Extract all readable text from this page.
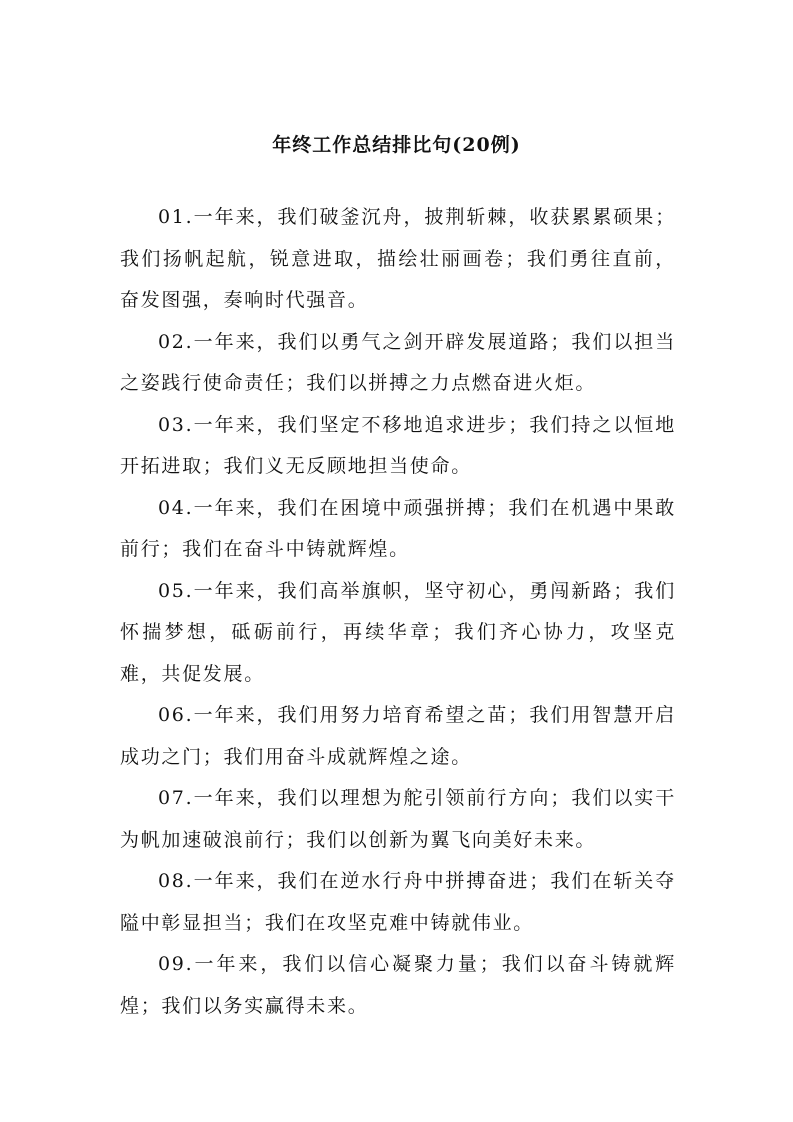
年终工作总结排比句(20例)

01.一年来，我们破釜沉舟，披荆斩棘，收获累累硕果；我们扬帆起航，锐意进取，描绘壮丽画卷；我们勇往直前，奋发图强，奏响时代强音。

02.一年来，我们以勇气之剑开辟发展道路；我们以担当之姿践行使命责任；我们以拼搏之力点燃奋进火炬。

03.一年来，我们坚定不移地追求进步；我们持之以恒地开拓进取；我们义无反顾地担当使命。

04.一年来，我们在困境中顽强拼搏；我们在机遇中果敢前行；我们在奋斗中铸就辉煌。

05.一年来，我们高举旗帜，坚守初心，勇闯新路；我们怀揣梦想，砥砺前行，再续华章；我们齐心协力，攻坚克难，共促发展。

06.一年来，我们用努力培育希望之苗；我们用智慧开启成功之门；我们用奋斗成就辉煌之途。

07.一年来，我们以理想为舵引领前行方向；我们以实干为帆加速破浪前行；我们以创新为翼飞向美好未来。

08.一年来，我们在逆水行舟中拼搏奋进；我们在斩关夺隘中彰显担当；我们在攻坚克难中铸就伟业。

09.一年来，我们以信心凝聚力量；我们以奋斗铸就辉煌；我们以务实赢得未来。
